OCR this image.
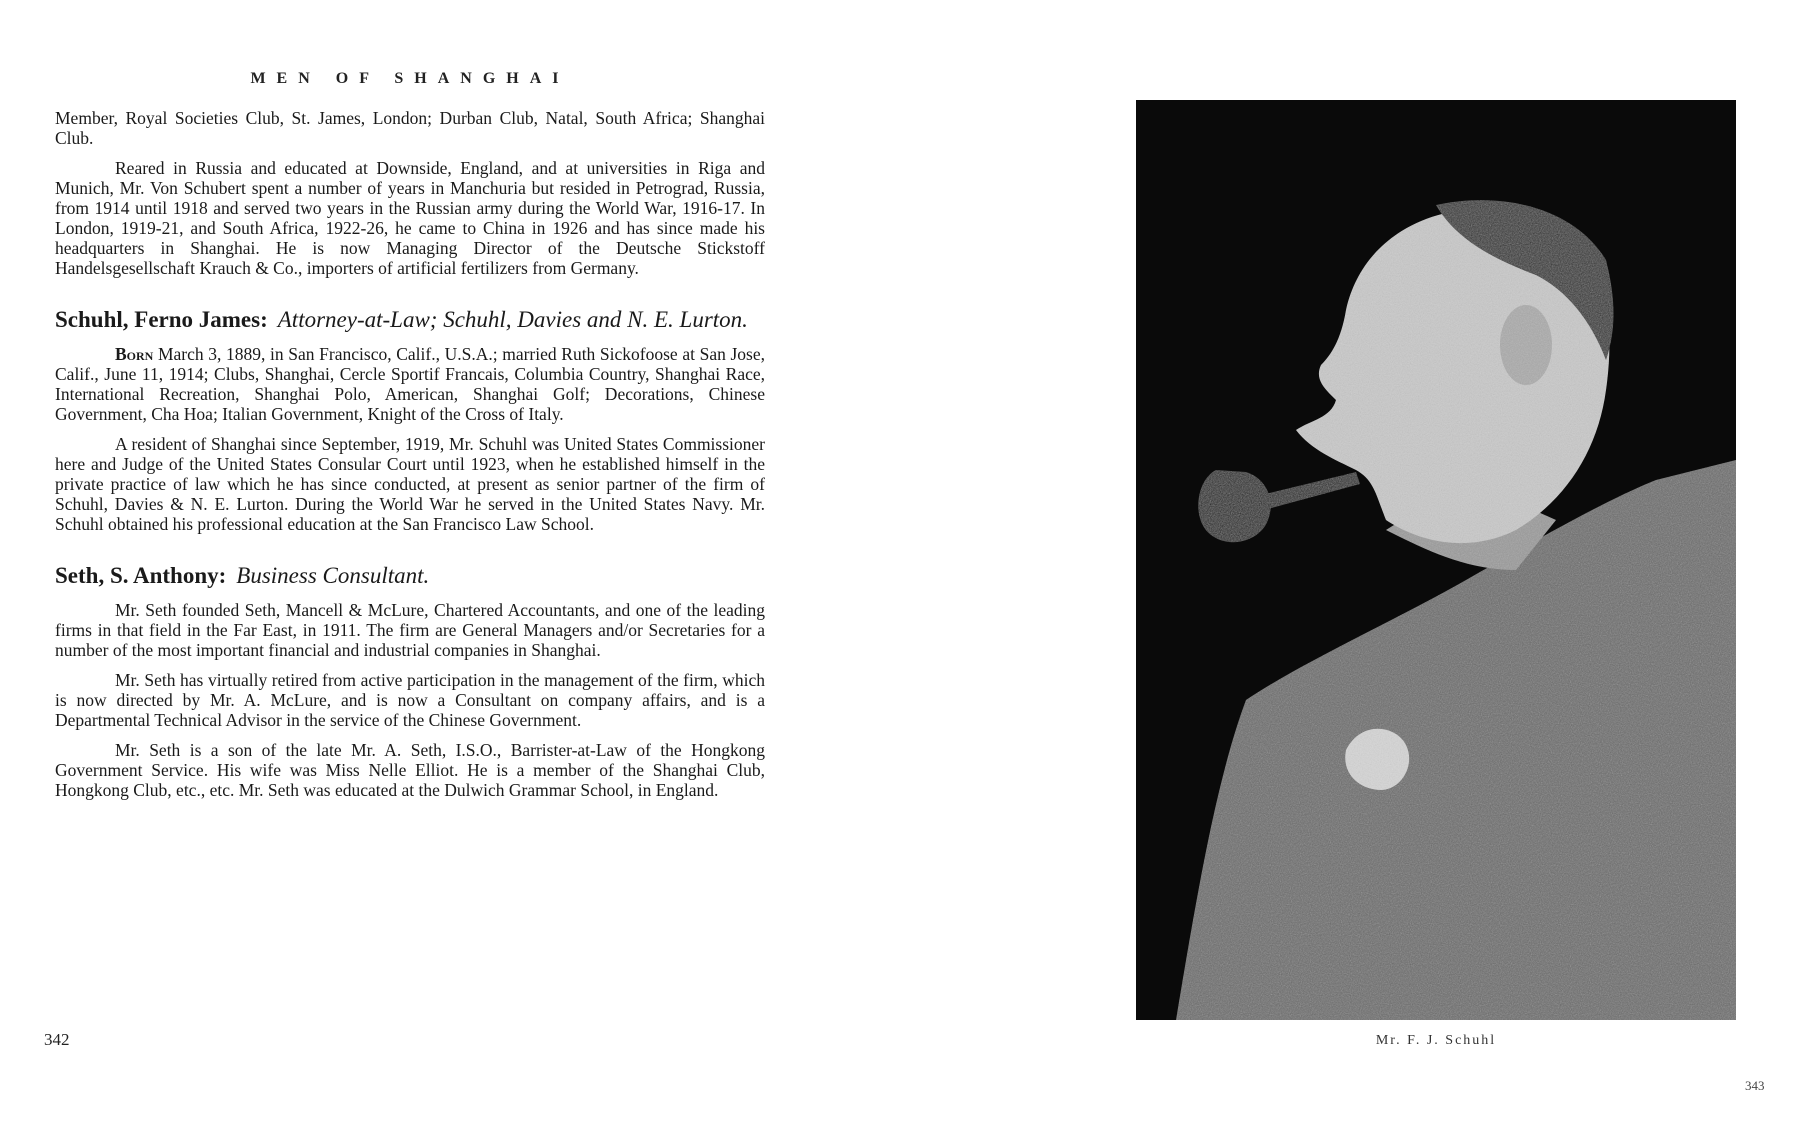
MEN OF SHANGHAI

Member, Royal Societies Club, St. James, London; Durban Club, Natal, South Africa; Shanghai Club.

Reared in Russia and educated at Downside, England, and at universities in Riga and Munich, Mr. Von Schubert spent a number of years in Manchuria but resided in Petrograd, Russia, from 1914 until 1918 and served two years in the Russian army during the World War, 1916-17. In London, 1919-21, and South Africa, 1922-26, he came to China in 1926 and has since made his headquarters in Shanghai. He is now Managing Director of the Deutsche Stickstoff Handelsgesellschaft Krauch & Co., importers of artificial fertilizers from Germany.

Schuhl, Ferno James: Attorney-at-Law; Schuhl, Davies and N. E. Lurton.

Born March 3, 1889, in San Francisco, Calif., U.S.A.; married Ruth Sickofoose at San Jose, Calif., June 11, 1914; Clubs, Shanghai, Cercle Sportif Francais, Columbia Country, Shanghai Race, International Recreation, Shanghai Polo, American, Shanghai Golf; Decorations, Chinese Government, Cha Hoa; Italian Government, Knight of the Cross of Italy.

A resident of Shanghai since September, 1919, Mr. Schuhl was United States Commissioner here and Judge of the United States Consular Court until 1923, when he established himself in the private practice of law which he has since conducted, at present as senior partner of the firm of Schuhl, Davies & N. E. Lurton. During the World War he served in the United States Navy. Mr. Schuhl obtained his professional education at the San Francisco Law School.

Seth, S. Anthony: Business Consultant.

Mr. Seth founded Seth, Mancell & McLure, Chartered Accountants, and one of the leading firms in that field in the Far East, in 1911. The firm are General Managers and/or Secretaries for a number of the most important financial and industrial companies in Shanghai.

Mr. Seth has virtually retired from active participation in the management of the firm, which is now directed by Mr. A. McLure, and is now a Consultant on company affairs, and is a Departmental Technical Advisor in the service of the Chinese Government.

Mr. Seth is a son of the late Mr. A. Seth, I.S.O., Barrister-at-Law of the Hongkong Government Service. His wife was Miss Nelle Elliot. He is a member of the Shanghai Club, Hongkong Club, etc., etc. Mr. Seth was educated at the Dulwich Grammar School, in England.

342	Mr. F. J. Schuhl
343
